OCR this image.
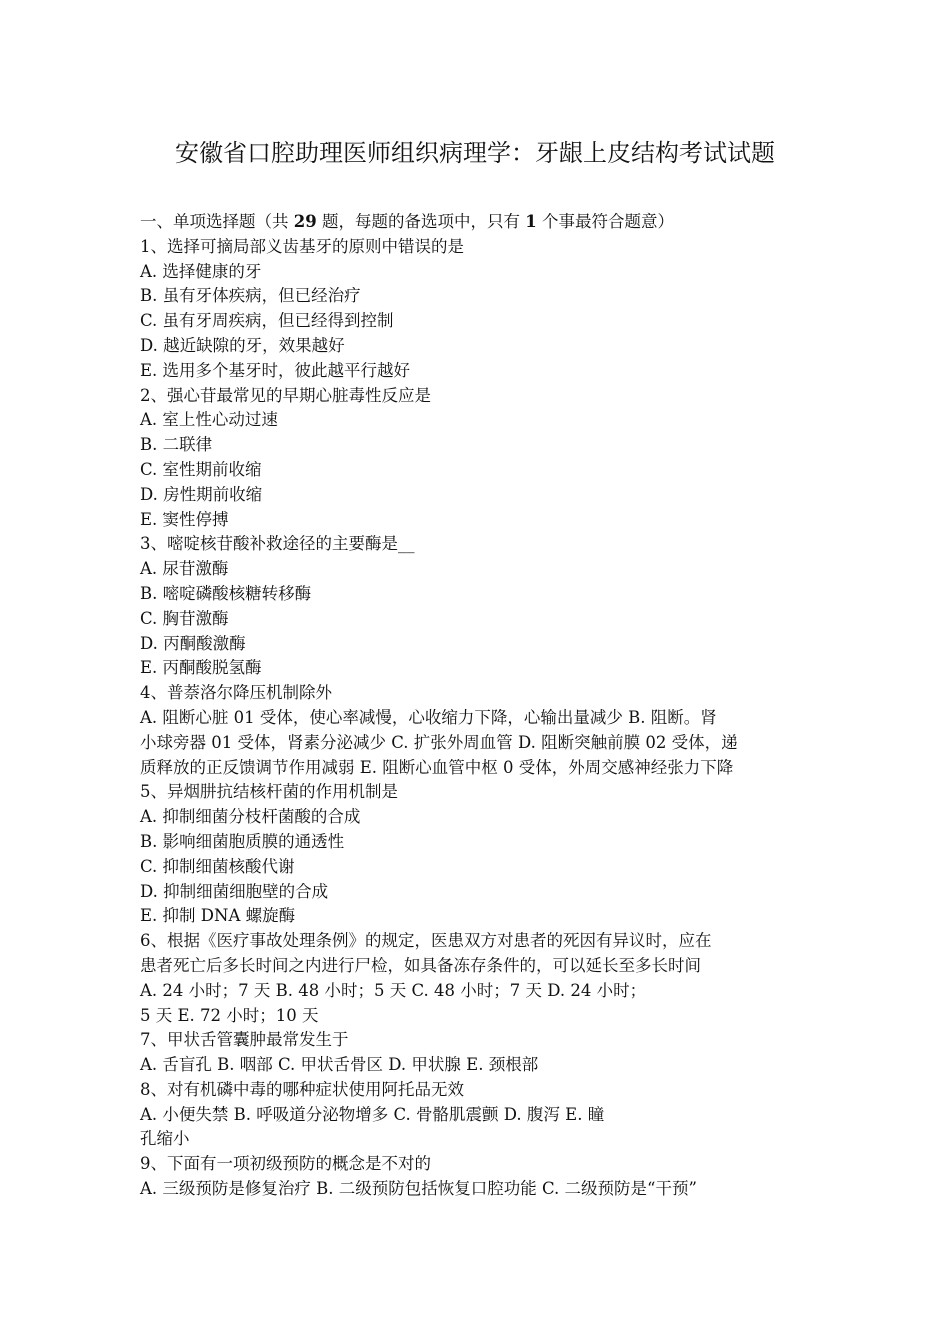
安徽省口腔助理医师组织病理学：牙龈上皮结构考试试题
一、单项选择题（共 29 题，每题的备选项中，只有 1 个事最符合题意）
1、选择可摘局部义齿基牙的原则中错误的是
A. 选择健康的牙
B. 虽有牙体疾病，但已经治疗
C. 虽有牙周疾病，但已经得到控制
D. 越近缺隙的牙，效果越好
E. 选用多个基牙时，彼此越平行越好
2、强心苷最常见的早期心脏毒性反应是
A. 室上性心动过速
B. 二联律
C. 室性期前收缩
D. 房性期前收缩
E. 窦性停搏
3、嘧啶核苷酸补救途径的主要酶是__
A. 尿苷激酶
B. 嘧啶磷酸核糖转移酶
C. 胸苷激酶
D. 丙酮酸激酶
E. 丙酮酸脱氢酶
4、普萘洛尔降压机制除外
A. 阻断心脏 01 受体，使心率减慢，心收缩力下降，心输出量减少 B. 阻断。肾
小球旁器 01 受体，肾素分泌减少 C. 扩张外周血管 D. 阻断突触前膜 02 受体，递
质释放的正反馈调节作用减弱 E. 阻断心血管中枢 0 受体，外周交感神经张力下降
5、异烟肼抗结核杆菌的作用机制是
A. 抑制细菌分枝杆菌酸的合成
B. 影响细菌胞质膜的通透性
C. 抑制细菌核酸代谢
D. 抑制细菌细胞壁的合成
E. 抑制 DNA 螺旋酶
6、根据《医疗事故处理条例》的规定，医患双方对患者的死因有异议时，应在
患者死亡后多长时间之内进行尸检，如具备冻存条件的，可以延长至多长时间
A. 24 小时；7 天 B. 48 小时；5 天 C. 48 小时；7 天 D. 24 小时；
5 天 E. 72 小时；10 天
7、甲状舌管囊肿最常发生于
A. 舌盲孔 B. 咽部 C. 甲状舌骨区 D. 甲状腺 E. 颈根部
8、对有机磷中毒的哪种症状使用阿托品无效
A. 小便失禁 B. 呼吸道分泌物增多 C. 骨骼肌震颤 D. 腹泻 E. 瞳
孔缩小
9、下面有一项初级预防的概念是不对的
A. 三级预防是修复治疗 B. 二级预防包括恢复口腔功能 C. 二级预防是“干预”
